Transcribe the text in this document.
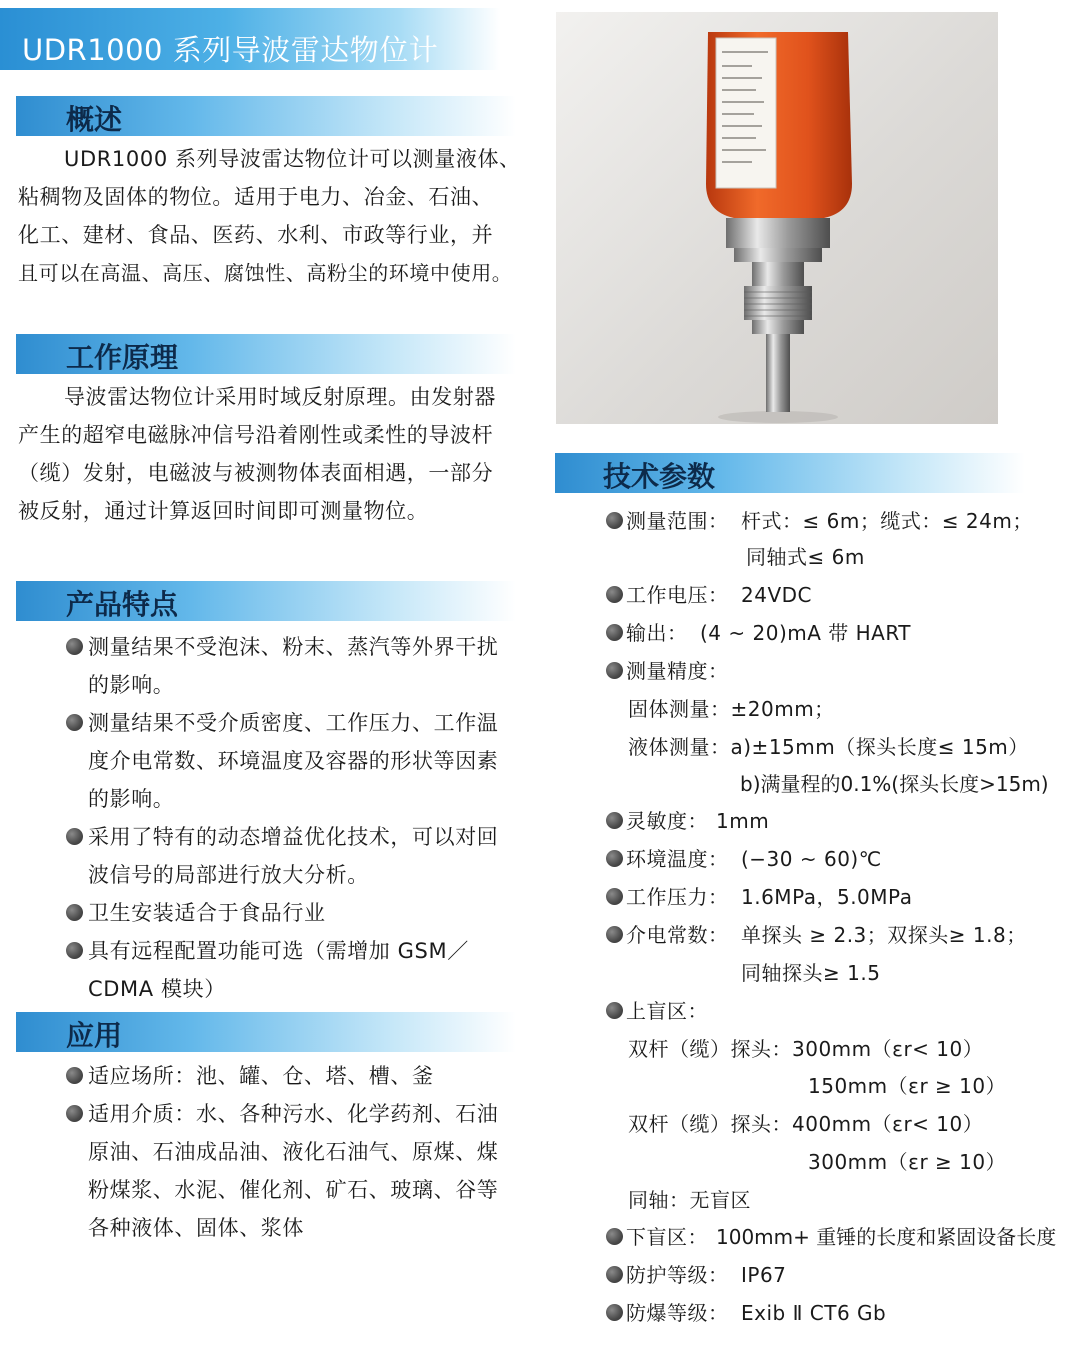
UDR1000 系列导波雷达物位计
概述
UDR1000 系列导波雷达物位计可以测量液体、
粘稠物及固体的物位。适用于电力、冶金、石油、
化工、建材、食品、医药、水利、市政等行业，并
且可以在高温、高压、腐蚀性、高粉尘的环境中使用。
工作原理
导波雷达物位计采用时域反射原理。由发射器
产生的超窄电磁脉冲信号沿着刚性或柔性的导波杆
（缆）发射，电磁波与被测物体表面相遇，一部分
被反射，通过计算返回时间即可测量物位。
产品特点
测量结果不受泡沫、粉末、蒸汽等外界干扰
的影响。
测量结果不受介质密度、工作压力、工作温
度介电常数、环境温度及容器的形状等因素
的影响。
采用了特有的动态增益优化技术，可以对回
波信号的局部进行放大分析。
卫生安装适合于食品行业
具有远程配置功能可选（需增加 GSM／
CDMA 模块）
应用
适应场所：池、罐、仓、塔、槽、釜
适用介质：水、各种污水、化学药剂、石油
原油、石油成品油、液化石油气、原煤、煤
粉煤浆、水泥、催化剂、矿石、玻璃、谷等
各种液体、固体、浆体
技术参数
测量范围： 杆式：≤ 6m；缆式：≤ 24m；
同轴式≤ 6m
工作电压： 24VDC
输出： (4 ~ 20)mA 带 HART
测量精度：
固体测量：±20mm；
液体测量：a)±15mm（探头长度≤ 15m）
b)满量程的0.1%(探头长度>15m)
灵敏度： 1mm
环境温度： (−30 ~ 60)℃
工作压力： 1.6MPa，5.0MPa
介电常数： 单探头 ≥ 2.3；双探头≥ 1.8；
同轴探头≥ 1.5
上盲区：
双杆（缆）探头：300mm（εr< 10）
150mm（εr ≥ 10）
双杆（缆）探头：400mm（εr< 10）
300mm（εr ≥ 10）
同轴：无盲区
下盲区： 100mm+ 重锤的长度和紧固设备长度
防护等级： IP67
防爆等级： Exib Ⅱ CT6 Gb
